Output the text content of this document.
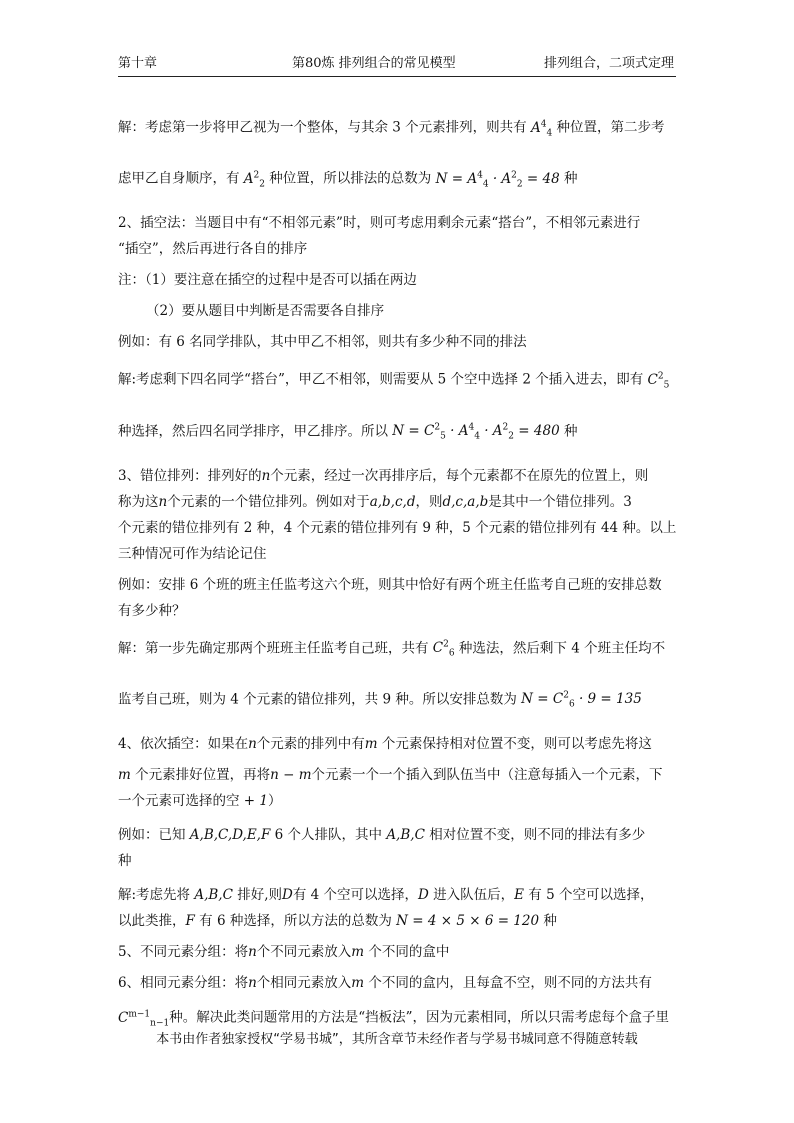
第十章	第80炼 排列组合的常见模型	排列组合，二项式定理

解：考虑第一步将甲乙视为一个整体，与其余 3 个元素排列，则共有 $A^4_4$ 种位置，第二步考

虑甲乙自身顺序，有 $A^2_2$ 种位置，所以排法的总数为 $N = A^4_4 \cdot A^2_2 = 48$ 种

2、插空法：当题目中有“不相邻元素”时，则可考虑用剩余元素“搭台”，不相邻元素进行

“插空”，然后再进行各自的排序

注：（1）要注意在插空的过程中是否可以插在两边

（2）要从题目中判断是否需要各自排序

例如：有 6 名同学排队，其中甲乙不相邻，则共有多少种不同的排法

解:考虑剩下四名同学“搭台”，甲乙不相邻，则需要从 5 个空中选择 2 个插入进去，即有 $C^2_5$

种选择，然后四名同学排序，甲乙排序。所以 $N = C^2_5 \cdot A^4_4 \cdot A^2_2 = 480$ 种

3、错位排列：排列好的n个元素，经过一次再排序后，每个元素都不在原先的位置上，则

称为这n个元素的一个错位排列。例如对于a,b,c,d，则d,c,a,b是其中一个错位排列。3

个元素的错位排列有 2 种，4 个元素的错位排列有 9 种，5 个元素的错位排列有 44 种。以上

三种情况可作为结论记住

例如：安排 6 个班的班主任监考这六个班，则其中恰好有两个班主任监考自己班的安排总数

有多少种？

解：第一步先确定那两个班班主任监考自己班，共有 $C^2_6$ 种选法，然后剩下 4 个班主任均不

监考自己班，则为 4 个元素的错位排列，共 9 种。所以安排总数为 $N = C^2_6 \cdot 9 = 135$

4、依次插空：如果在n个元素的排列中有m 个元素保持相对位置不变，则可以考虑先将这

m 个元素排好位置，再将n − m个元素一个一个插入到队伍当中（注意每插入一个元素，下

一个元素可选择的空 + 1）

例如：已知 A,B,C,D,E,F 6 个人排队，其中 A,B,C 相对位置不变，则不同的排法有多少

种

解:考虑先将 A,B,C 排好,则D有 4 个空可以选择，D 进入队伍后，E 有 5 个空可以选择，

以此类推，F 有 6 种选择，所以方法的总数为 N = 4 × 5 × 6 = 120 种

5、不同元素分组：将n个不同元素放入m 个不同的盒中

6、相同元素分组：将n个相同元素放入m 个不同的盒内，且每盒不空，则不同的方法共有

$C^{m-1}_{n-1}$种。解决此类问题常用的方法是“挡板法”，因为元素相同，所以只需考虑每个盒子里

本书由作者独家授权“学易书城”，其所含章节未经作者与学易书城同意不得随意转载
